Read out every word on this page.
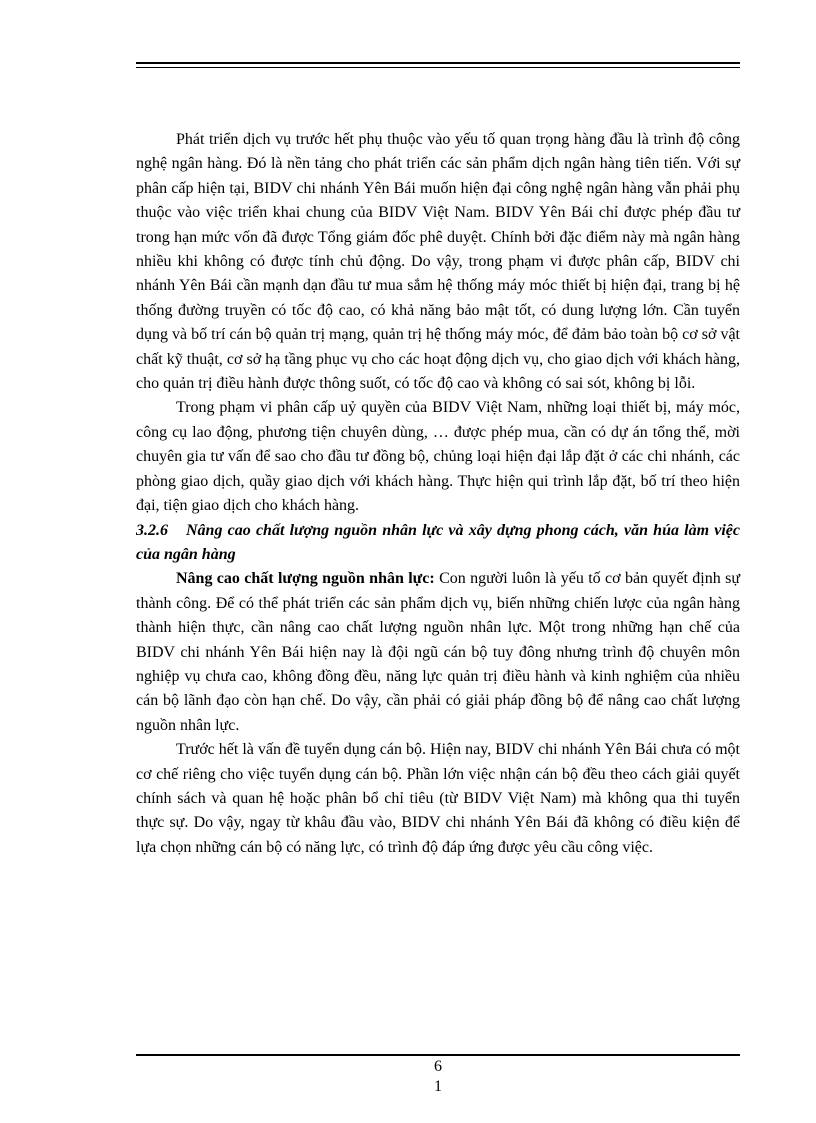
Phát triển dịch vụ trước hết phụ thuộc vào yếu tố quan trọng hàng đầu là trình độ công nghệ ngân hàng. Đó là nền tảng cho phát triển các sản phẩm dịch ngân hàng tiên tiến. Với sự phân cấp hiện tại, BIDV chi nhánh Yên Bái muốn hiện đại công nghệ ngân hàng vẫn phải phụ thuộc vào việc triển khai chung của BIDV Việt Nam. BIDV Yên Bái chỉ được phép đầu tư trong hạn mức vốn đã được Tổng giám đốc phê duyệt. Chính bởi đặc điểm này mà ngân hàng nhiều khi không có được tính chủ động. Do vậy, trong phạm vi được phân cấp, BIDV chi nhánh Yên Bái cần mạnh dạn đầu tư mua sắm hệ thống máy móc thiết bị hiện đại, trang bị hệ thống đường truyền có tốc độ cao, có khả năng bảo mật tốt, có dung lượng lớn. Cần tuyển dụng và bố trí cán bộ quản trị mạng, quản trị hệ thống máy móc, để đảm bảo toàn bộ cơ sở vật chất kỹ thuật, cơ sở hạ tầng phục vụ cho các hoạt động dịch vụ, cho giao dịch với khách hàng, cho quản trị điều hành được thông suốt, có tốc độ cao và không có sai sót, không bị lỗi.

Trong phạm vi phân cấp uỷ quyền của BIDV Việt Nam, những loại thiết bị, máy móc, công cụ lao động, phương tiện chuyên dùng, … được phép mua, cần có dự án tổng thể, mời chuyên gia tư vấn để sao cho đầu tư đồng bộ, chủng loại hiện đại lắp đặt ở các chi nhánh, các phòng giao dịch, quầy giao dịch với khách hàng. Thực hiện qui trình lắp đặt, bố trí theo hiện đại, tiện giao dịch cho khách hàng.

3.2.6 Nâng cao chất lượng nguồn nhân lực và xây dựng phong cách, văn húa làm việc của ngân hàng

Nâng cao chất lượng nguồn nhân lực: Con người luôn là yếu tố cơ bản quyết định sự thành công. Để có thể phát triển các sản phẩm dịch vụ, biến những chiến lược của ngân hàng thành hiện thực, cần nâng cao chất lượng nguồn nhân lực. Một trong những hạn chế của BIDV chi nhánh Yên Bái hiện nay là đội ngũ cán bộ tuy đông nhưng trình độ chuyên môn nghiệp vụ chưa cao, không đồng đều, năng lực quản trị điều hành và kinh nghiệm của nhiều cán bộ lãnh đạo còn hạn chế. Do vậy, cần phải có giải pháp đồng bộ để nâng cao chất lượng nguồn nhân lực.

Trước hết là vấn đề tuyển dụng cán bộ. Hiện nay, BIDV chi nhánh Yên Bái chưa có một cơ chế riêng cho việc tuyển dụng cán bộ. Phần lớn việc nhận cán bộ đều theo cách giải quyết chính sách và quan hệ hoặc phân bổ chỉ tiêu (từ BIDV Việt Nam) mà không qua thi tuyển thực sự. Do vậy, ngay từ khâu đầu vào, BIDV chi nhánh Yên Bái đã không có điều kiện để lựa chọn những cán bộ có năng lực, có trình độ đáp ứng được yêu cầu công việc.

6
1
